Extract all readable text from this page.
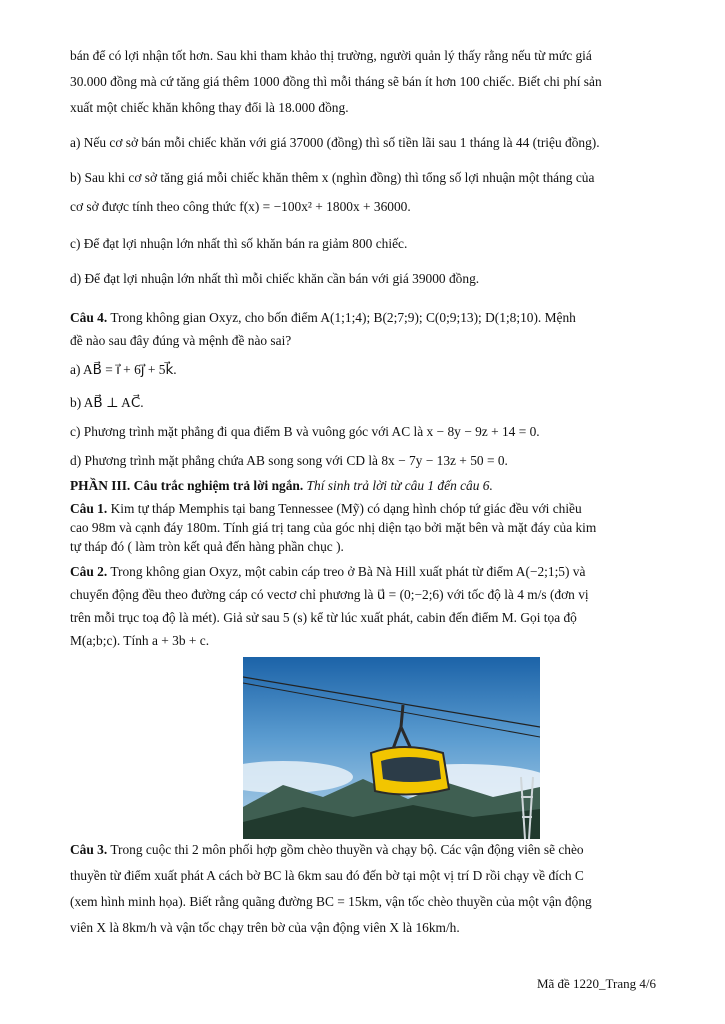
bán để có lợi nhận tốt hơn. Sau khi tham khảo thị trường, người quản lý thấy rằng nếu từ mức giá

30.000 đồng mà cứ tăng giá thêm 1000 đồng thì mỗi tháng sẽ bán ít hơn 100 chiếc. Biết chi phí sản

xuất một chiếc khăn không thay đổi là 18.000 đồng.

a) Nếu cơ sở bán mỗi chiếc khăn với giá 37000 (đồng) thì số tiền lãi sau 1 tháng là 44 (triệu đồng).

b) Sau khi cơ sở tăng giá mỗi chiếc khăn thêm x (nghìn đồng) thì tổng số lợi nhuận một tháng của

cơ sở được tính theo công thức f(x) = −100x² + 1800x + 36000.

c) Để đạt lợi nhuận lớn nhất thì số khăn bán ra giảm 800 chiếc.

d) Để đạt lợi nhuận lớn nhất thì mỗi chiếc khăn cần bán với giá 39000 đồng.

Câu 4. Trong không gian Oxyz, cho bốn điểm A(1;1;4); B(2;7;9); C(0;9;13); D(1;8;10). Mệnh

đề nào sau đây đúng và mệnh đề nào sai?

a) AB⃗ = i⃗ + 6j⃗ + 5k⃗.

b) AB⃗ ⊥ AC⃗.

c) Phương trình mặt phẳng đi qua điểm B và vuông góc với AC là x − 8y − 9z + 14 = 0.

d) Phương trình mặt phẳng chứa AB song song với CD là 8x − 7y − 13z + 50 = 0.

PHẦN III. Câu trắc nghiệm trả lời ngắn. Thí sinh trả lời từ câu 1 đến câu 6.

Câu 1. Kim tự tháp Memphis tại bang Tennessee (Mỹ) có dạng hình chóp tứ giác đều với chiều

cao 98m và cạnh đáy 180m. Tính giá trị tang của góc nhị diện tạo bởi mặt bên và mặt đáy của kim

tự tháp đó ( làm tròn kết quả đến hàng phần chục ).

Câu 2. Trong không gian Oxyz, một cabin cáp treo ở Bà Nà Hill xuất phát từ điểm A(−2;1;5) và

chuyển động đều theo đường cáp có vectơ chỉ phương là u⃗ = (0;−2;6) với tốc độ là 4 m/s (đơn vị

trên mỗi trục toạ độ là mét). Giả sử sau 5 (s) kể từ lúc xuất phát, cabin đến điểm M. Gọi tọa độ

M(a;b;c). Tính a + 3b + c.

Câu 3. Trong cuộc thi 2 môn phối hợp gồm chèo thuyền và chạy bộ. Các vận động viên sẽ chèo

thuyền từ điểm xuất phát A cách bờ BC là 6km sau đó đến bờ tại một vị trí D rồi chạy về đích C

(xem hình minh họa). Biết rằng quãng đường BC = 15km, vận tốc chèo thuyền của một vận động

viên X là 8km/h và vận tốc chạy trên bờ của vận động viên X là 16km/h.

Mã đề 1220_Trang 4/6
